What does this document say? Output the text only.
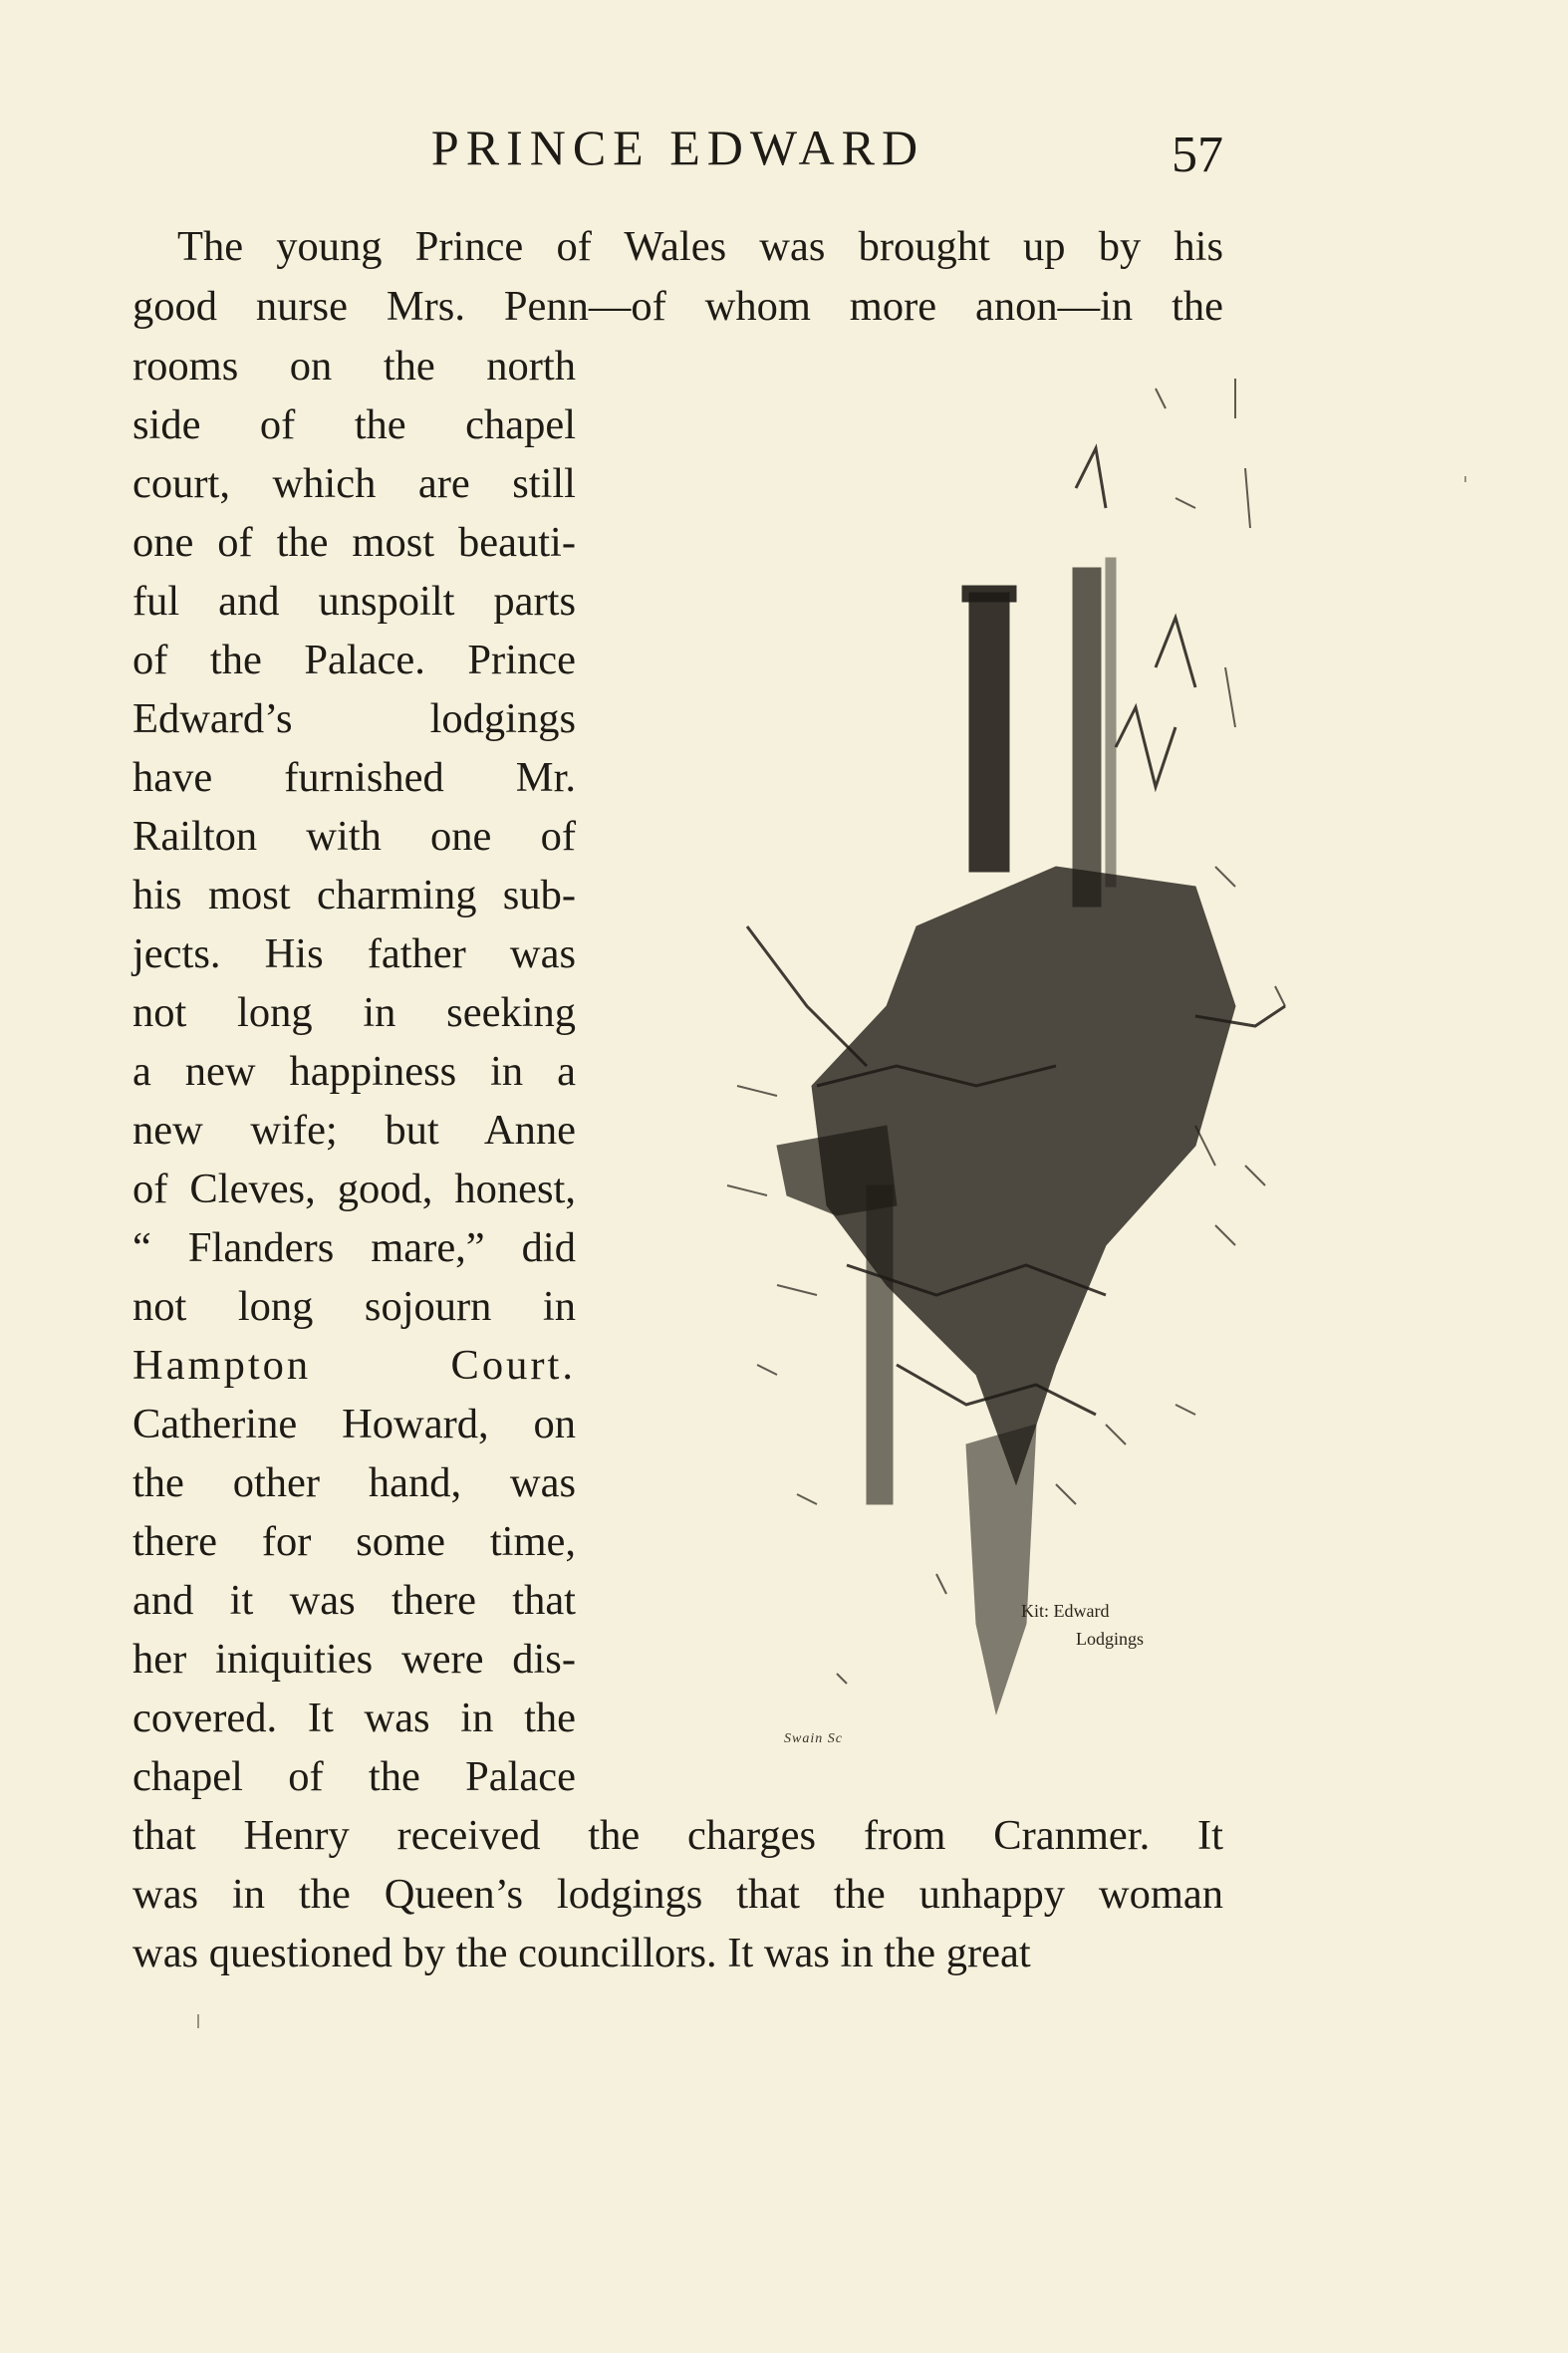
PRINCE EDWARD	57
The young Prince of Wales was brought up by his
good nurse Mrs. Penn—of whom more anon—in the
rooms on the north
side of the chapel
court, which are still
one of the most beauti-
ful and unspoilt parts
of the Palace. Prince
Edward’s lodgings
have furnished Mr.
Railton with one of
his most charming sub-
jects. His father was
not long in seeking
a new happiness in a
new wife; but Anne
of Cleves, good, honest,
“ Flanders mare,” did
not long sojourn in
Hampton Court.
Catherine Howard, on
the other hand, was
there for some time,
and it was there that
her iniquities were dis-
covered. It was in the
chapel of the Palace
that Henry received the charges from Cranmer. It
was in the Queen’s lodgings that the unhappy woman
was questioned by the councillors. It was in the great
Kit: Edward
Lodgings
Swain Sc
